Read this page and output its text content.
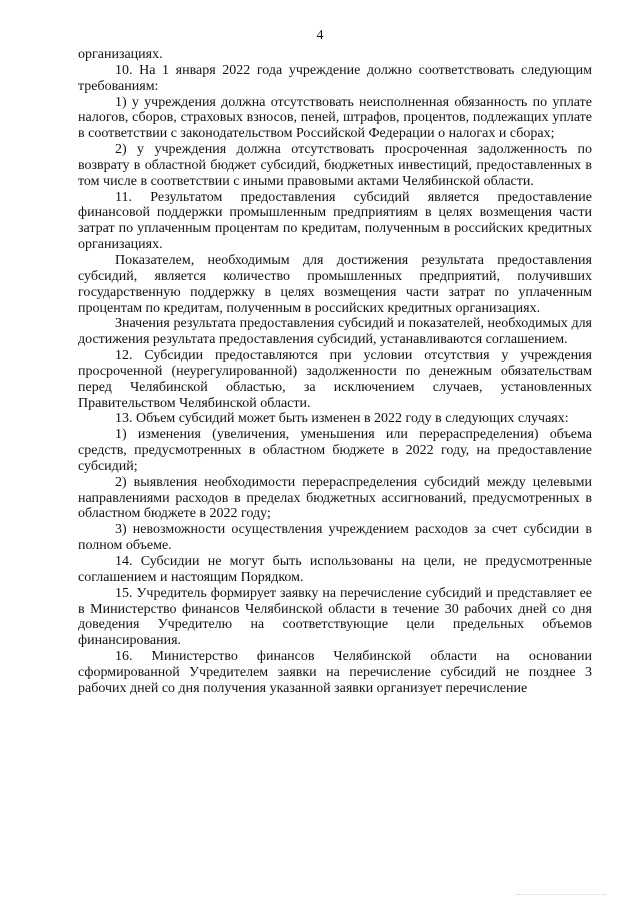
4

организациях.

10. На 1 января 2022 года учреждение должно соответствовать следующим требованиям:

1) у учреждения должна отсутствовать неисполненная обязанность по уплате налогов, сборов, страховых взносов, пеней, штрафов, процентов, подлежащих уплате в соответствии с законодательством Российской Федерации о налогах и сборах;

2) у учреждения должна отсутствовать просроченная задолженность по возврату в областной бюджет субсидий, бюджетных инвестиций, предоставленных в том числе в соответствии с иными правовыми актами Челябинской области.

11. Результатом предоставления субсидий является предоставление финансовой поддержки промышленным предприятиям в целях возмещения части затрат по уплаченным процентам по кредитам, полученным в российских кредитных организациях.

Показателем, необходимым для достижения результата предоставления субсидий, является количество промышленных предприятий, получивших государственную поддержку в целях возмещения части затрат по уплаченным процентам по кредитам, полученным в российских кредитных организациях.

Значения результата предоставления субсидий и показателей, необходимых для достижения результата предоставления субсидий, устанавливаются соглашением.

12. Субсидии предоставляются при условии отсутствия у учреждения просроченной (неурегулированной) задолженности по денежным обязательствам перед Челябинской областью, за исключением случаев, установленных Правительством Челябинской области.

13. Объем субсидий может быть изменен в 2022 году в следующих случаях:

1) изменения (увеличения, уменьшения или перераспределения) объема средств, предусмотренных в областном бюджете в 2022 году, на предоставление субсидий;

2) выявления необходимости перераспределения субсидий между целевыми направлениями расходов в пределах бюджетных ассигнований, предусмотренных в областном бюджете в 2022 году;

3) невозможности осуществления учреждением расходов за счет субсидии в полном объеме.

14. Субсидии не могут быть использованы на цели, не предусмотренные соглашением и настоящим Порядком.

15. Учредитель формирует заявку на перечисление субсидий и представляет ее в Министерство финансов Челябинской области в течение 30 рабочих дней со дня доведения Учредителю на соответствующие цели предельных объемов финансирования.

16. Министерство финансов Челябинской области на основании сформированной Учредителем заявки на перечисление субсидий не позднее 3 рабочих дней со дня получения указанной заявки организует перечисление
